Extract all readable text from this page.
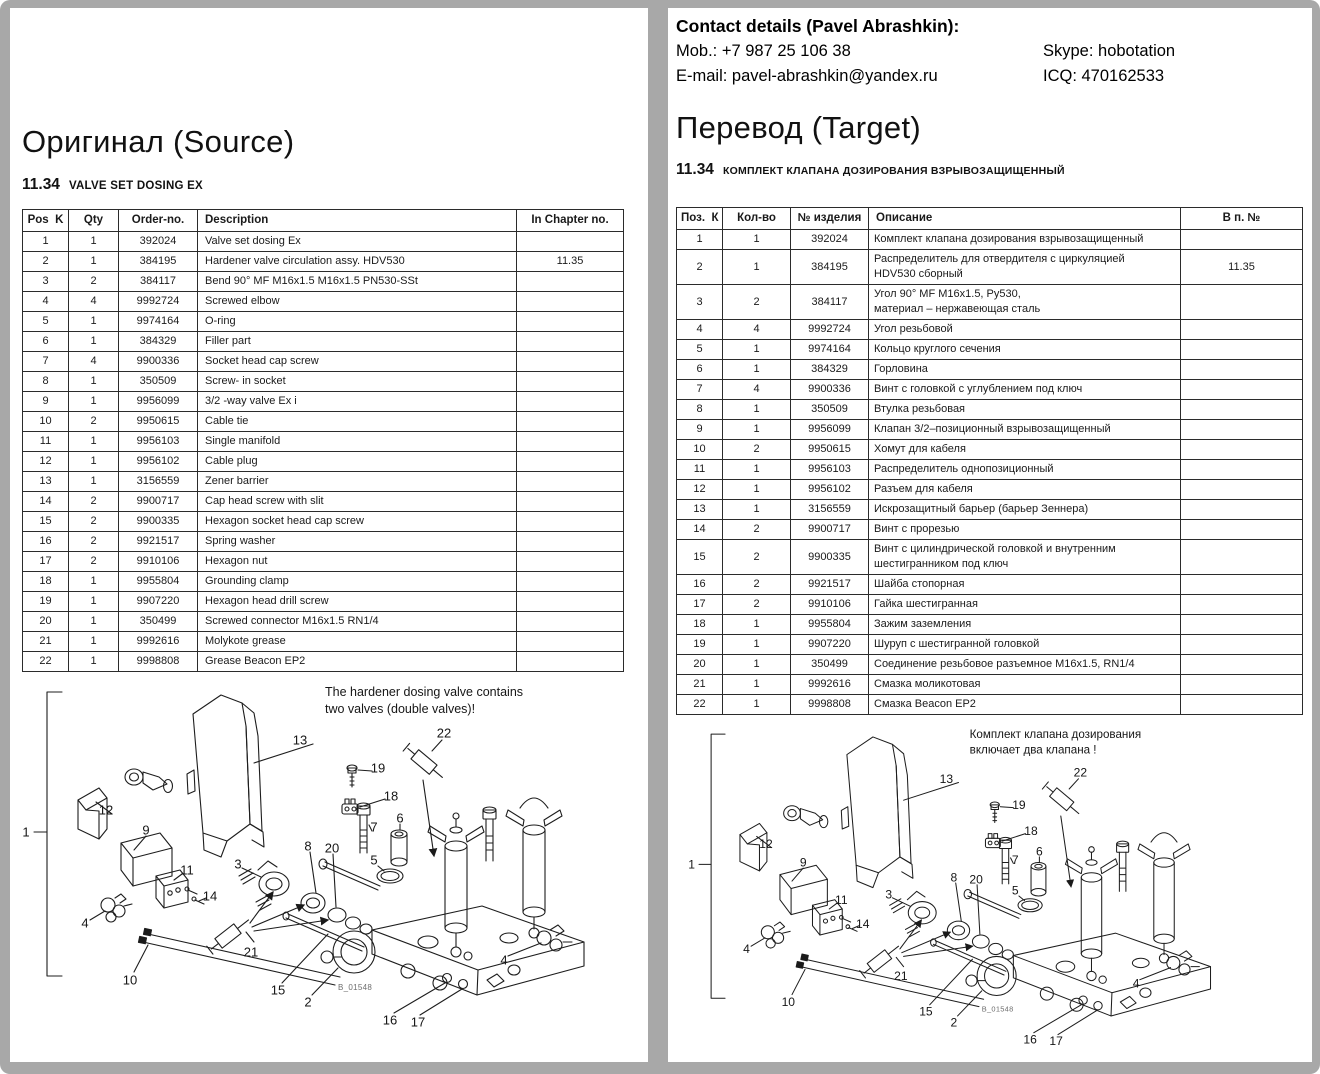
Оригинал (Source)
11.34 VALVE SET DOSING EX
Pos  K	Qty	Order-no.	Description	In Chapter no.
1	1	392024	Valve set dosing Ex	
2	1	384195	Hardener valve circulation assy. HDV530	11.35
3	2	384117	Bend 90° MF M16x1.5 M16x1.5 PN530-SSt	
4	4	9992724	Screwed elbow	
5	1	9974164	O-ring	
6	1	384329	Filler part	
7	4	9900336	Socket head cap screw	
8	1	350509	Screw- in socket	
9	1	9956099	3/2 -way valve Ex i	
10	2	9950615	Cable tie	
11	1	9956103	Single manifold	
12	1	9956102	Cable plug	
13	1	3156559	Zener barrier	
14	2	9900717	Cap head screw with slit	
15	2	9900335	Hexagon socket head cap screw	
16	2	9921517	Spring washer	
17	2	9910106	Hexagon nut	
18	1	9955804	Grounding clamp	
19	1	9907220	Hexagon head drill screw	
20	1	350499	Screwed connector M16x1.5 RN1/4	
21	1	9992616	Molykote grease	
22	1	9998808	Grease Beacon EP2	
The hardener dosing valve contains
two valves (double valves)!
B_01548
1
12
9
11
14
4
10
13
3
21
15
2
8 20
7
19
18
6
5
22
4
16 17
Contact details (Pavel Abrashkin):
Mob.: +7 987 25 106 38	Skype: hobotation
E-mail: pavel-abrashkin@yandex.ru	ICQ: 470162533
Перевод (Target)
11.34 КОМПЛЕКТ КЛАПАНА ДОЗИРОВАНИЯ ВЗРЫВОЗАЩИЩЕННЫЙ
Поз.  К	Кол-во	№ изделия	Описание	В п. №
1	1	392024	Комплект клапана дозирования взрывозащищенный	
2	1	384195	Распределитель для отвердителя с циркуляцией
HDV530 сборный	11.35
3	2	384117	Угол 90° MF M16x1.5, Ру530,
материал – нержавеющая сталь	
4	4	9992724	Угол резьбовой	
5	1	9974164	Кольцо круглого сечения	
6	1	384329	Горловина	
7	4	9900336	Винт с головкой с углублением под ключ	
8	1	350509	Втулка резьбовая	
9	1	9956099	Клапан 3/2–позиционный взрывозащищенный	
10	2	9950615	Хомут для кабеля	
11	1	9956103	Распределитель однопозиционный	
12	1	9956102	Разъем для кабеля	
13	1	3156559	Искрозащитный барьер (барьер Зеннера)	
14	2	9900717	Винт с прорезью	
15	2	9900335	Винт с цилиндрической головкой и внутренним
шестигранником под ключ	
16	2	9921517	Шайба стопорная	
17	2	9910106	Гайка шестигранная	
18	1	9955804	Зажим заземления	
19	1	9907220	Шуруп с шестигранной головкой	
20	1	350499	Соединение резьбовое разъемное M16x1.5, RN1/4	
21	1	9992616	Смазка моликотовая	
22	1	9998808	Смазка Beacon EP2	
Комплект клапана дозирования
включает два клапана !
B_01548
1
12
9
11
14
4
10
13
3
21
15
2
8 20
7
19
18
6
5
22
4
16 17
